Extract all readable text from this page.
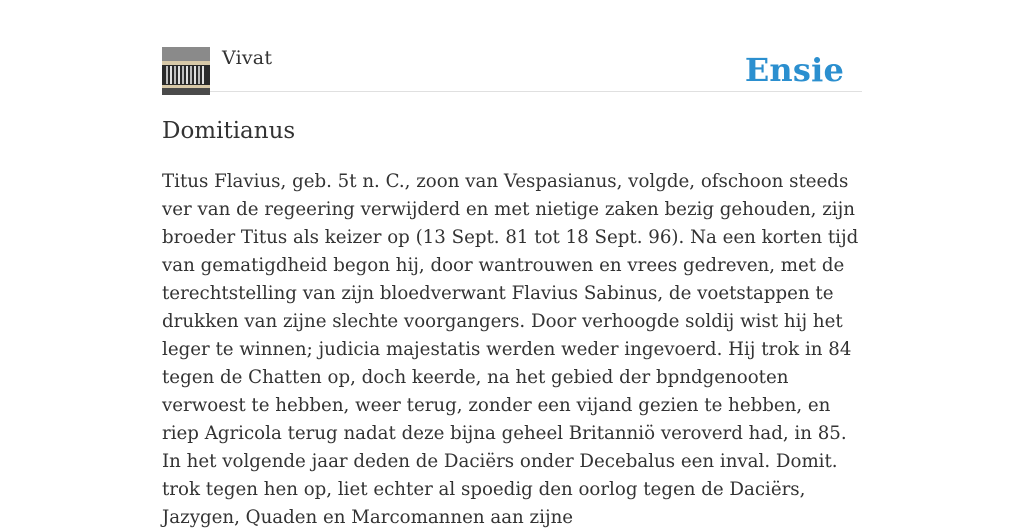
Vivat	Ensie
Domitianus

Titus Flavius, geb. 5t n. C., zoon van Vespasianus, volgde, ofschoon steeds ver van de regeering verwijderd en met nietige zaken bezig gehouden, zijn broeder Titus als keizer op (13 Sept. 81 tot 18 Sept. 96). Na een korten tijd van gematigdheid begon hij, door wantrouwen en vrees gedreven, met de terechtstelling van zijn bloedverwant Flavius Sabinus, de voetstappen te drukken van zijne slechte voorgangers. Door verhoogde soldij wist hij het leger te winnen; judicia majestatis werden weder ingevoerd. Hij trok in 84 tegen de Chatten op, doch keerde, na het gebied der bpndgenooten verwoest te hebben, weer terug, zonder een vijand gezien te hebben, en riep Agricola terug nadat deze bijna geheel Britanniö veroverd had, in 85. In het volgende jaar deden de Daciërs onder Decebalus een inval. Domit. trok tegen hen op, liet echter al spoedig den oorlog tegen de Daciërs, Jazygen, Quaden en Marcomannen aan zijne
